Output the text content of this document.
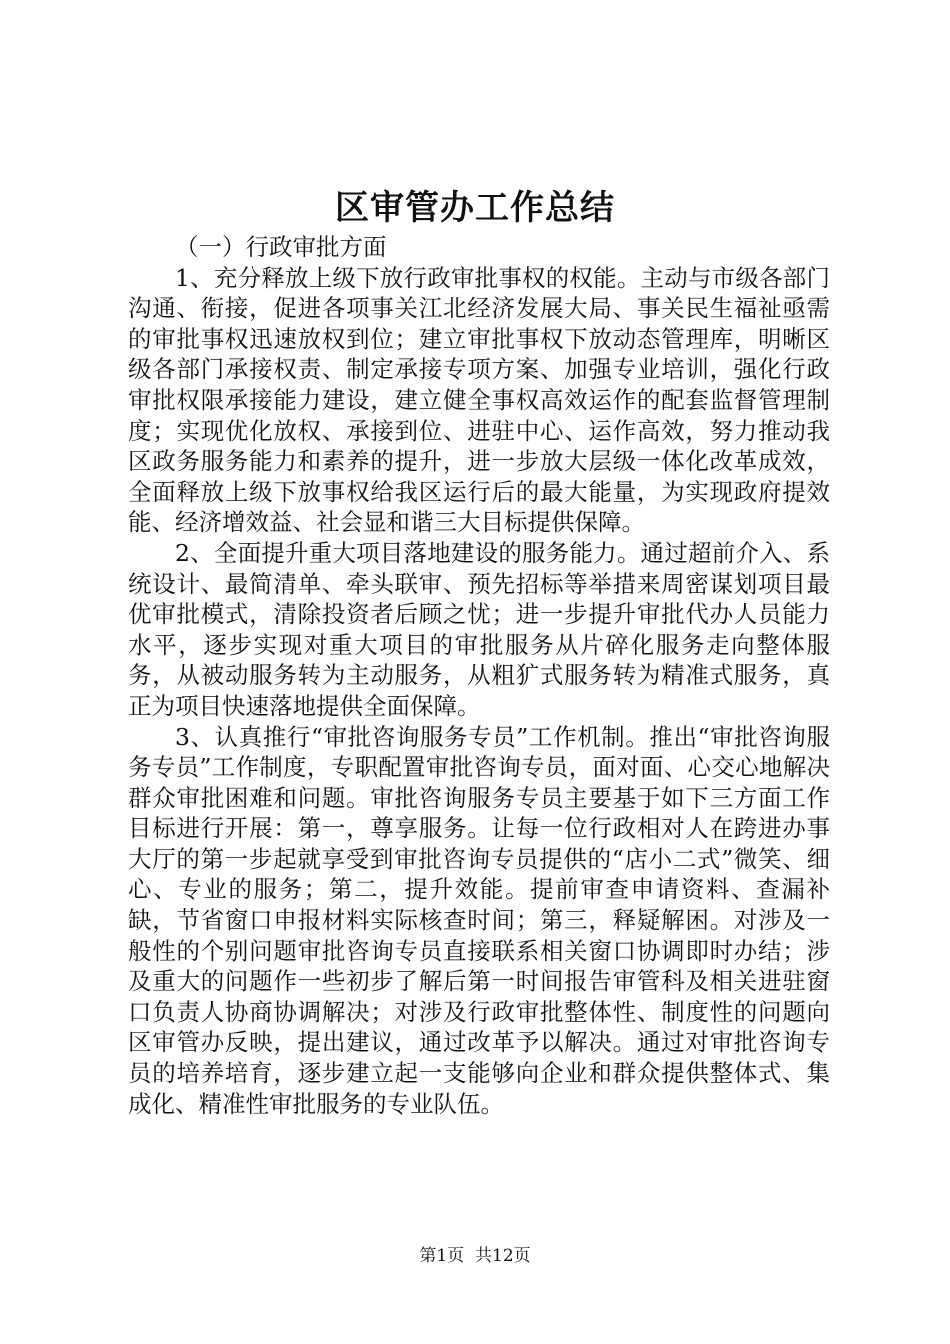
区审管办工作总结

（一）行政审批方面

1、充分释放上级下放行政审批事权的权能。主动与市级各部门沟通、衔接，促进各项事关江北经济发展大局、事关民生福祉亟需的审批事权迅速放权到位；建立审批事权下放动态管理库，明晰区级各部门承接权责、制定承接专项方案、加强专业培训，强化行政审批权限承接能力建设，建立健全事权高效运作的配套监督管理制度；实现优化放权、承接到位、进驻中心、运作高效，努力推动我区政务服务能力和素养的提升，进一步放大层级一体化改革成效，全面释放上级下放事权给我区运行后的最大能量，为实现政府提效能、经济增效益、社会显和谐三大目标提供保障。

2、全面提升重大项目落地建设的服务能力。通过超前介入、系统设计、最简清单、牵头联审、预先招标等举措来周密谋划项目最优审批模式，清除投资者后顾之忧；进一步提升审批代办人员能力水平，逐步实现对重大项目的审批服务从片碎化服务走向整体服务，从被动服务转为主动服务，从粗犷式服务转为精准式服务，真正为项目快速落地提供全面保障。

3、认真推行“审批咨询服务专员”工作机制。推出“审批咨询服务专员”工作制度，专职配置审批咨询专员，面对面、心交心地解决群众审批困难和问题。审批咨询服务专员主要基于如下三方面工作目标进行开展：第一，尊享服务。让每一位行政相对人在跨进办事大厅的第一步起就享受到审批咨询专员提供的“店小二式”微笑、细心、专业的服务；第二，提升效能。提前审查申请资料、查漏补缺，节省窗口申报材料实际核查时间；第三，释疑解困。对涉及一般性的个别问题审批咨询专员直接联系相关窗口协调即时办结；涉及重大的问题作一些初步了解后第一时间报告审管科及相关进驻窗口负责人协商协调解决；对涉及行政审批整体性、制度性的问题向区审管办反映，提出建议，通过改革予以解决。通过对审批咨询专员的培养培育，逐步建立起一支能够向企业和群众提供整体式、集成化、精准性审批服务的专业队伍。

第1页 共12页
